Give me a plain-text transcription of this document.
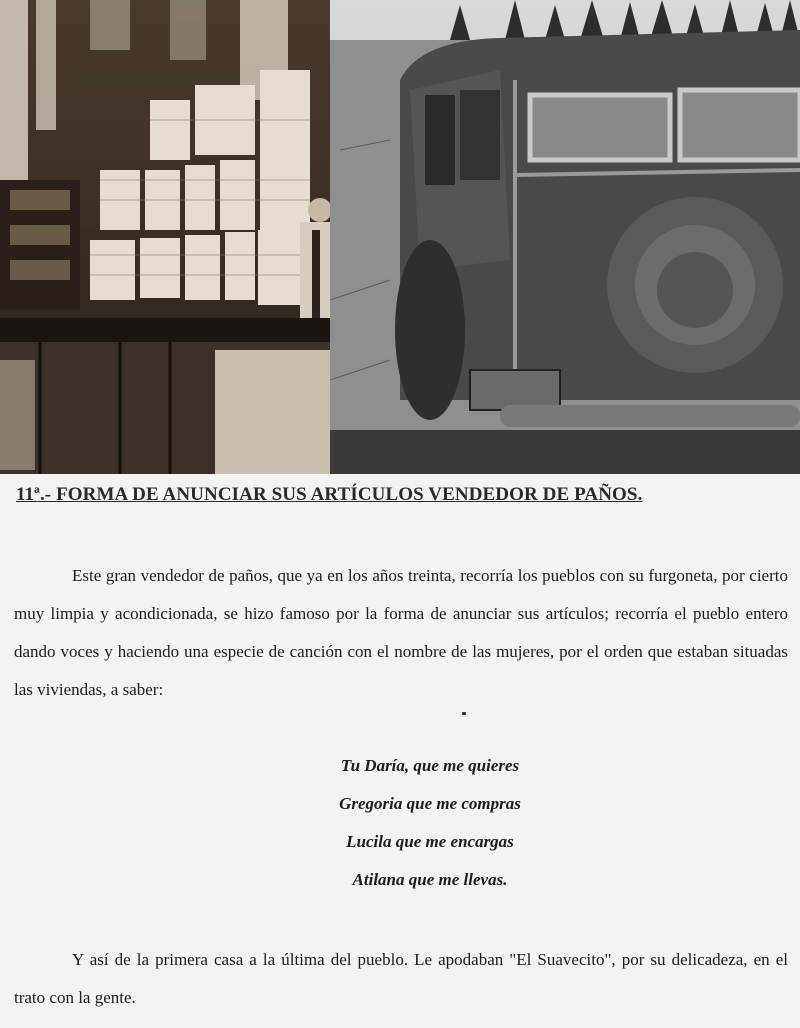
11ª.- FORMA DE ANUNCIAR SUS ARTÍCULOS VENDEDOR DE PAÑOS.

Este gran vendedor de paños, que ya en los años treinta, recorría los pueblos con su furgoneta, por cierto muy limpia y acondicionada, se hizo famoso por la forma de anunciar sus artículos; recorría el pueblo entero dando voces y haciendo una especie de canción con el nombre de las mujeres, por el orden que estaban situadas las viviendas, a saber:

Tu Daría, que me quieres
Gregoria que me compras
Lucila que me encargas
Atilana que me llevas.

Y así de la primera casa a la última del pueblo. Le apodaban "El Suavecito", por su delicadeza, en el trato con la gente.
